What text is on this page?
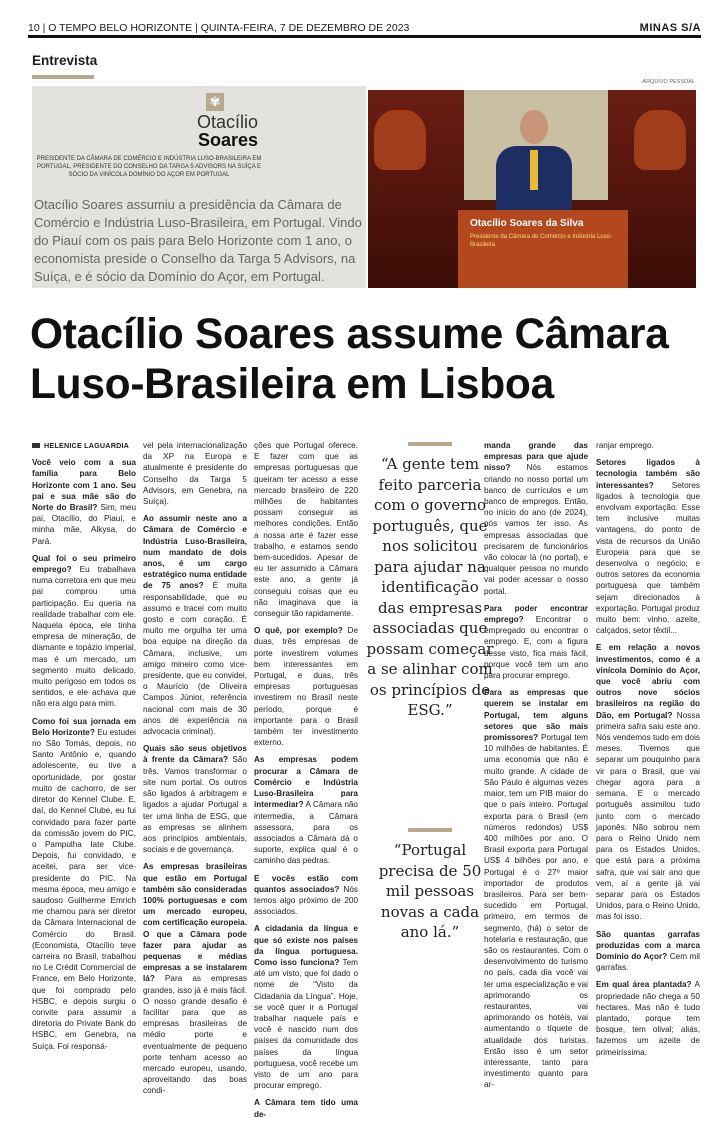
10 | O TEMPO BELO HORIZONTE | QUINTA-FEIRA, 7 DE DEZEMBRO DE 2023	MINAS S/A
Entrevista
ARQUIVO PESSOAL
✾
Otacílio
Soares
PRESIDENTE DA CÂMARA DE COMÉRCIO E INDÚSTRIA LUSO-BRASILEIRA EM PORTUGAL, PRESIDENTE DO CONSELHO DA TARGA 5 ADVISORS NA SUÍÇA E SÓCIO DA VINÍCOLA DOMÍNIO DO AÇOR EM PORTUGAL
Otacílio Soares assumiu a presidência da Câmara de Comércio e Indústria Luso-Brasileira, em Portugal. Vindo do Piauí com os pais para Belo Horizonte com 1 ano, o economista preside o Conselho da Targa 5 Advisors, na Suíça, e é sócio da Domínio do Açor, em Portugal.
Otacílio Soares da Silva
Presidente da Câmara de Comércio e Indústria Luso-Brasileira
Otacílio Soares assume Câmara Luso-Brasileira em Lisboa
HELENICE LAGUARDIA

Você veio com a sua família para Belo Horizonte com 1 ano. Seu pai e sua mãe são do Norte do Brasil? Sim, meu pai, Otacílio, do Piauí, e minha mãe, Alkysa, do Pará.

Qual foi o seu primeiro emprego? Eu trabalhava numa corretora em que meu pai comprou uma participação. Eu queria na realidade trabalhar com ele. Naquela época, ele tinha empresa de mineração, de diamante e topázio imperial, mas é um mercado, um segmento muito delicado, muito perigoso em todos os sentidos, e ele achava que não era algo para mim.

Como foi sua jornada em Belo Horizonte? Eu estudei no São Tomás, depois, no Santo Antônio e, quando adolescente, eu tive a oportunidade, por gostar muito de cachorro, de ser diretor do Kennel Clube. E, daí, do Kennel Clube, eu fui convidado para fazer parte da comissão jovem do PIC, o Pampulha Iate Clube. Depois, fui convidado, e aceitei, para ser vice-presidente do PIC. Na mesma época, meu amigo e saudoso Guilherme Emrich me chamou para ser diretor da Câmara Internacional de Comércio do Brasil. (Economista, Otacílio teve carreira no Brasil, trabalhou no Le Crédit Commercial de France, em Belo Horizonte, que foi comprado pelo HSBC, e depois surgiu o convite para assumir a diretoria do Private Bank do HSBC, em Genebra, na Suíça. Foi responsá-

vel pela internacionalização da XP na Europa e atualmente é presidente do Conselho da Targa 5 Advisors, em Genebra, na Suíça).

Ao assumir neste ano a Câmara de Comércio e Indústria Luso-Brasileira, num mandato de dois anos, é um cargo estratégico numa entidade de 75 anos? É muita responsabilidade, que eu assumo e tracei com muito gosto e com coração. É muito me orgulha ter uma boa equipe na direção da Câmara, inclusive, um amigo mineiro como vice-presidente, que eu convidei, o Maurício (de Oliveira Campos Júnior, referência nacional com mais de 30 anos de experiência na advocacia criminal).

Quais são seus objetivos à frente da Câmara? São três. Vamos transformar o site num portal. Os outros são ligados à arbitragem e ligados a ajudar Portugal a ter uma linha de ESG, que as empresas se alinhem aos princípios ambientais, sociais e de governança.

As empresas brasileiras que estão em Portugal também são consideradas 100% portuguesas e com um mercado europeu, com certificação europeia. O que a Câmara pode fazer para ajudar as pequenas e médias empresas a se instalarem lá? Para as empresas grandes, isso já é mais fácil. O nosso grande desafio é facilitar para que as empresas brasileiras de médio porte e eventualmente de pequeno porte tenham acesso ao mercado europeu, usando, aproveitando das boas condi-

ções que Portugal oferece. E fazer com que as empresas portuguesas que queiram ter acesso a esse mercado brasileiro de 220 milhões de habitantes possam conseguir as melhores condições. Então a nossa arte é fazer esse trabalho, e estamos sendo bem-sucedidos. Apesar de eu ter assumido a Câmara este ano, a gente já conseguiu coisas que eu não imaginava que ia conseguir tão rapidamente.

O quê, por exemplo? De duas, três empresas de porte investirem volumes bem interessantes em Portugal, e duas, três empresas portuguesas investirem no Brasil neste período, porque é importante para o Brasil também ter investimento externo.

As empresas podem procurar a Câmara de Comércio e Indústria Luso-Brasileira para intermediar? A Câmara não intermedia, a Câmara assessora, para os associados a Câmara dá o suporte, explica qual é o caminho das pedras.

E vocês estão com quantos associados? Nós temos algo próximo de 200 associados.

A cidadania da língua e que só existe nos países da língua portuguesa. Como isso funciona? Tem até um visto, que foi dado o nome de “Visto da Cidadania da Língua”. Hoje, se você quer ir a Portugal trabalhar naquele país e você é nascido num dos países da comunidade dos países da língua portuguesa, você recebe um visto de um ano para procurar emprego.

A Câmara tem tido uma de-

“A gente tem feito parceria com o governo português, que nos solicitou para ajudar na identificação das empresas associadas que possam começar a se alinhar com os princípios de ESG.”
“Portugal precisa de 50 mil pessoas novas a cada ano lá.”

manda grande das empresas para que ajude nisso? Nós estamos criando no nosso portal um banco de currículos e um banco de empregos. Então, no início do ano (de 2024), nós vamos ter isso. As empresas associadas que precisarem de funcionários vão colocar lá (no portal), e qualquer pessoa no mundo vai poder acessar o nosso portal.

Para poder encontrar emprego? Encontrar o empregado ou encontrar o emprego. E, com a figura desse visto, fica mais fácil, porque você tem um ano para procurar emprego.

Para as empresas que querem se instalar em Portugal, tem alguns setores que são mais promissores? Portugal tem 10 milhões de habitantes. É uma economia que não é muito grande. A cidade de São Paulo é algumas vezes maior, tem um PIB maior do que o país inteiro. Portugal exporta para o Brasil (em números redondos) US$ 400 milhões por ano. O Brasil exporta para Portugal US$ 4 bilhões por ano, e Portugal é o 27º maior importador de produtos brasileiros. Para ser bem-sucedido em Portugal, primeiro, em termos de segmento, (há) o setor de hotelaria e restauração, que são os restaurantes. Com o desenvolvimento do turismo no país, cada dia você vai ter uma especialização e vai aprimorando os restaurantes, vai aprimorando os hotéis, vai aumentando o tíquete de atualidade dos turistas. Então isso é um setor interessante, tanto para investimento quanto para ar-

ranjar emprego.

Setores ligados à tecnologia também são interessantes? Setores ligados à tecnologia que envolvam exportação. Esse tem inclusive muitas vantagens, do ponto de vista de recursos da União Europeia para que se desenvolva o negócio; e outros setores da economia portuguesa que também sejam direcionados à exportação. Portugal produz muito bem: vinho, azeite, calçados, setor têxtil...

E em relação a novos investimentos, como é a vinícola Domínio do Açor, que você abriu com outros nove sócios brasileiros na região do Dão, em Portugal? Nossa primeira safra saiu este ano. Nós vendemos tudo em dois meses. Tivemos que separar um pouquinho para vir para o Brasil, que vai chegar agora para a semana. E o mercado português assimilou tudo junto com o mercado japonês. Não sobrou nem para o Reino Unido nem para os Estados Unidos, que está para a próxima safra, que vai sair ano que vem, aí a gente já vai separar para os Estados Unidos, para o Reino Unido, mas foi isso.

São quantas garrafas produzidas com a marca Domínio do Açor? Cem mil garrafas.

Em qual área plantada? A propriedade não chega a 50 hectares. Mas não é tudo plantado, porque tem bosque, tem olival; aliás, fazemos um azeite de primeiríssima.
